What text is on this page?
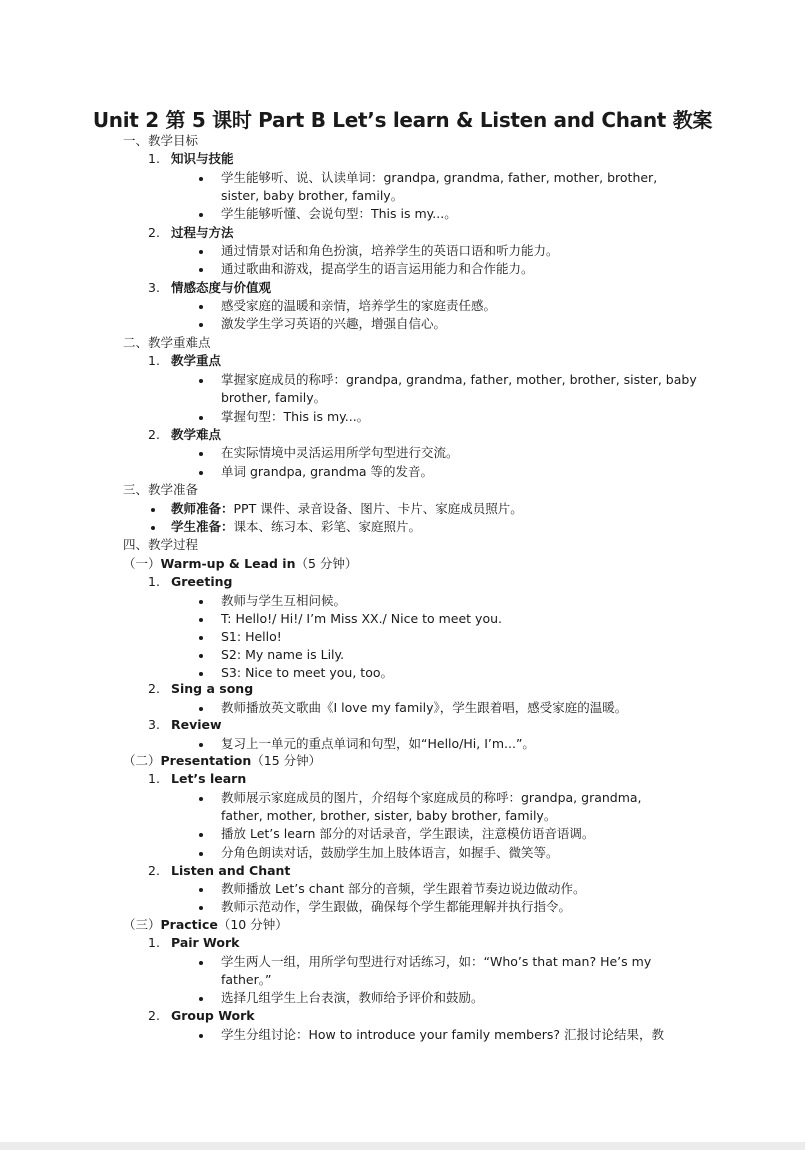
Unit 2 第 5 课时 Part B Let’s learn & Listen and Chant 教案
一、教学目标
1. 知识与技能
学生能够听、说、认读单词：grandpa, grandma, father, mother, brother,
sister, baby brother, family。
学生能够听懂、会说句型：This is my...。
2. 过程与方法
通过情景对话和角色扮演，培养学生的英语口语和听力能力。
通过歌曲和游戏，提高学生的语言运用能力和合作能力。
3. 情感态度与价值观
感受家庭的温暖和亲情，培养学生的家庭责任感。
激发学生学习英语的兴趣，增强自信心。
二、教学重难点
1. 教学重点
掌握家庭成员的称呼：grandpa, grandma, father, mother, brother, sister, baby
brother, family。
掌握句型：This is my...。
2. 教学难点
在实际情境中灵活运用所学句型进行交流。
单词 grandpa, grandma 等的发音。
三、教学准备
教师准备：PPT 课件、录音设备、图片、卡片、家庭成员照片。
学生准备：课本、练习本、彩笔、家庭照片。
四、教学过程
（一）Warm-up & Lead in（5 分钟）
1. Greeting
教师与学生互相问候。
T: Hello!/ Hi!/ I’m Miss XX./ Nice to meet you.
S1: Hello!
S2: My name is Lily.
S3: Nice to meet you, too。
2. Sing a song
教师播放英文歌曲《I love my family》，学生跟着唱，感受家庭的温暖。
3. Review
复习上一单元的重点单词和句型，如“Hello/Hi, I’m...”。
（二）Presentation（15 分钟）
1. Let’s learn
教师展示家庭成员的图片，介绍每个家庭成员的称呼：grandpa, grandma,
father, mother, brother, sister, baby brother, family。
播放 Let’s learn 部分的对话录音，学生跟读，注意模仿语音语调。
分角色朗读对话，鼓励学生加上肢体语言，如握手、微笑等。
2. Listen and Chant
教师播放 Let’s chant 部分的音频，学生跟着节奏边说边做动作。
教师示范动作，学生跟做，确保每个学生都能理解并执行指令。
（三）Practice（10 分钟）
1. Pair Work
学生两人一组，用所学句型进行对话练习，如：“Who’s that man? He’s my
father。”
选择几组学生上台表演，教师给予评价和鼓励。
2. Group Work
学生分组讨论：How to introduce your family members? 汇报讨论结果，教
